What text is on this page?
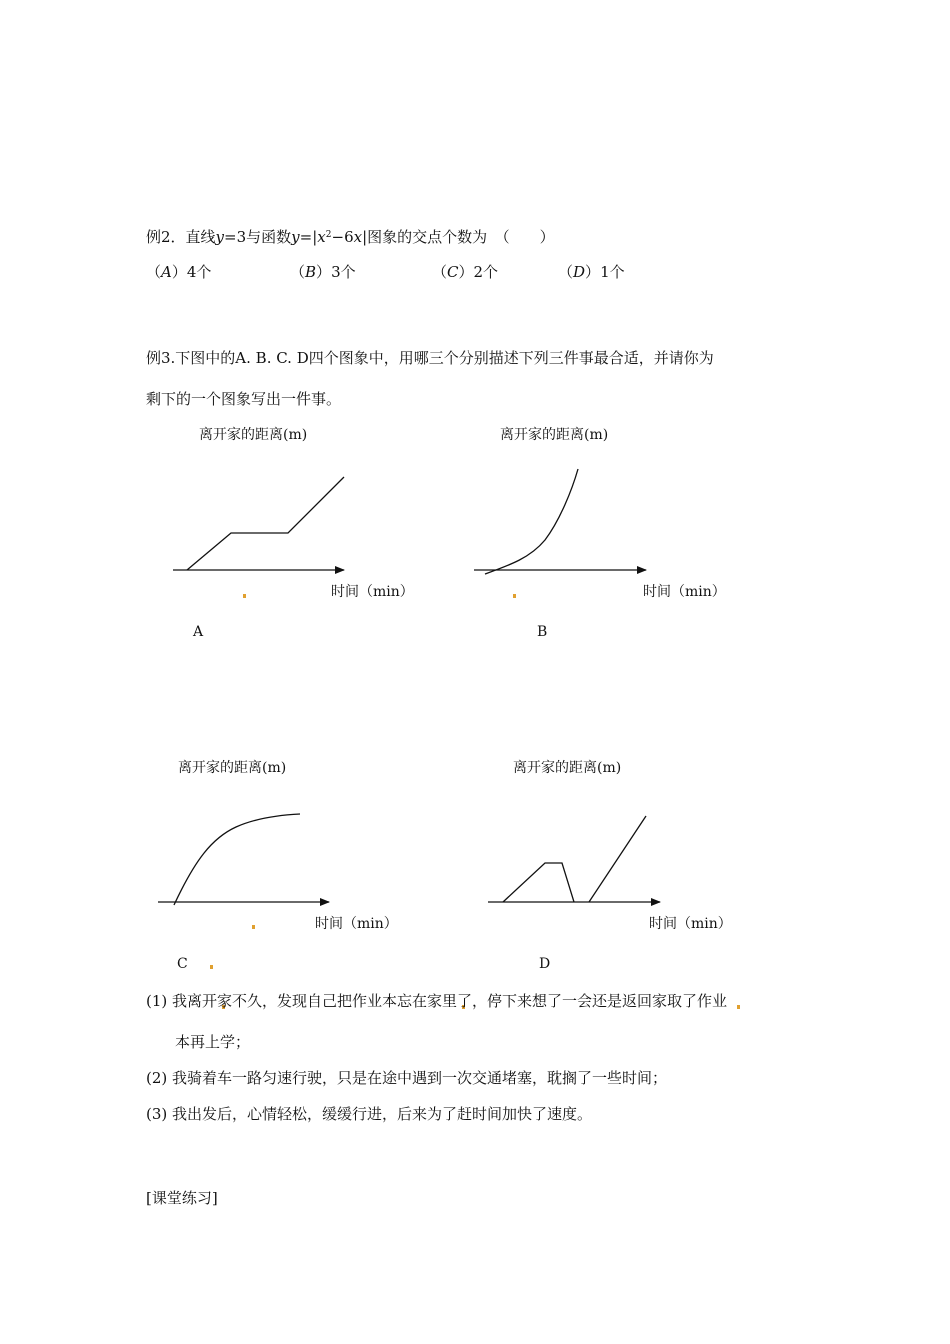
例2．直线y=3与函数$y=|x^2-6x|$图象的交点个数为　（　　）
（A）4个	（B）3个	（C）2个	（D）1个
例3.下图中的A. B. C. D四个图象中，用哪三个分别描述下列三件事最合适，并请你为
剩下的一个图象写出一件事。
离开家的距离(m)
时间（min）
A
离开家的距离(m)
时间（min）
B
离开家的距离(m)
时间（min）
C
离开家的距离(m)
时间（min）
D
(1) 我离开家不久，发现自己把作业本忘在家里了，停下来想了一会还是返回家取了作业
本再上学；
(2) 我骑着车一路匀速行驶，只是在途中遇到一次交通堵塞，耽搁了一些时间；
(3) 我出发后，心情轻松，缓缓行进，后来为了赶时间加快了速度。
[课堂练习]
